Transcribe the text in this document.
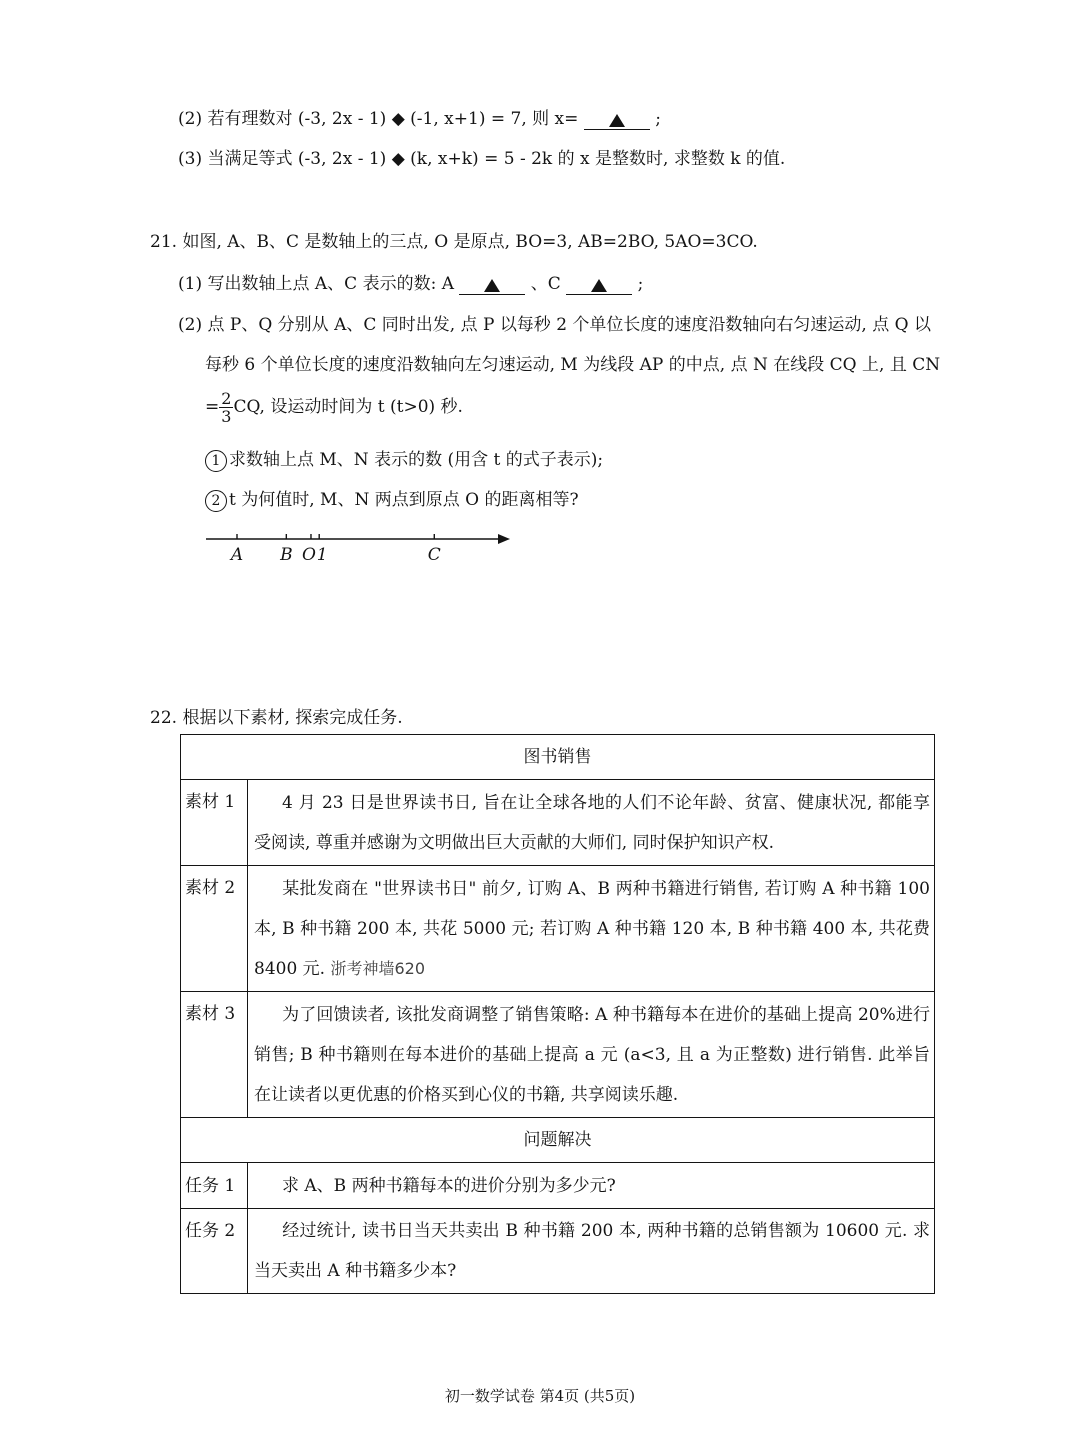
(2) 若有理数对 (-3, 2x - 1) ◆ (-1, x+1) = 7, 则 x=	;
(3) 当满足等式 (-3, 2x - 1) ◆ (k, x+k) = 5 - 2k 的 x 是整数时, 求整数 k 的值.
21. 如图, A、B、C 是数轴上的三点, O 是原点, BO=3, AB=2BO, 5AO=3CO.
(1) 写出数轴上点 A、C 表示的数: A	、C	;
(2) 点 P、Q 分别从 A、C 同时出发, 点 P 以每秒 2 个单位长度的速度沿数轴向右匀速运动, 点 Q 以
每秒 6 个单位长度的速度沿数轴向左匀速运动, M 为线段 AP 的中点, 点 N 在线段 CQ 上, 且 CN
= $\frac{2}{3}$ CQ, 设运动时间为 t (t>0) 秒.
1 求数轴上点 M、N 表示的数 (用含 t 的式子表示);
2 t 为何值时, M、N 两点到原点 O 的距离相等?
A B O 1	C
22. 根据以下素材, 探索完成任务.
图书销售	
素材 1	4 月 23 日是世界读书日, 旨在让全球各地的人们不论年龄、贫富、健康状况, 都能享受阅读, 尊重并感谢为文明做出巨大贡献的大师们, 同时保护知识产权.
素材 2	某批发商在 "世界读书日" 前夕, 订购 A、B 两种书籍进行销售, 若订购 A 种书籍 100 本, B 种书籍 200 本, 共花 5000 元; 若订购 A 种书籍 120 本, B 种书籍 400 本, 共花费 8400 元. 浙考神墙620
素材 3	为了回馈读者, 该批发商调整了销售策略: A 种书籍每本在进价的基础上提高 20%进行销售; B 种书籍则在每本进价的基础上提高 a 元 (a<3, 且 a 为正整数) 进行销售. 此举旨在让读者以更优惠的价格买到心仪的书籍, 共享阅读乐趣.
问题解决	
任务 1	求 A、B 两种书籍每本的进价分别为多少元?
任务 2	经过统计, 读书日当天共卖出 B 种书籍 200 本, 两种书籍的总销售额为 10600 元. 求当天卖出 A 种书籍多少本?
初一数学试卷 第4页 (共5页)
